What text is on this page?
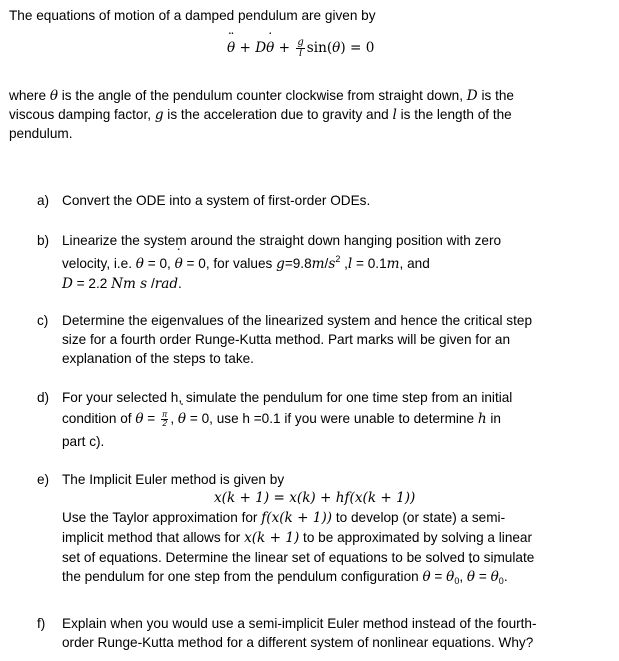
The equations of motion of a damped pendulum are given by
θ ¨ + Dθ ˙ + $\frac{g}{l} \sin(\theta) = 0$
where θ is the angle of the pendulum counter clockwise from straight down, D is the
viscous damping factor, g is the acceleration due to gravity and l is the length of the
pendulum.
a) Convert the ODE into a system of first-order ODEs.
b) Linearize the system around the straight down hanging position with zero
velocity, i.e. θ = 0, θ ˙ = 0, for values $g=9.8m/s^2$ ,l = 0.1m, and
D = 2.2 Nm s /rad.
c) Determine the eigenvalues of the linearized system and hence the critical step
size for a fourth order Runge-Kutta method. Part marks will be given for an
explanation of the steps to take.
d) For your selected h, simulate the pendulum for one time step from an initial
condition of $\theta = \frac{\pi}{2}$ , θ ˙ = 0, use h =0.1 if you were unable to determine h in
part c).
e) The Implicit Euler method is given by
x(k + 1) = x(k) + hf(x(k + 1))
Use the Taylor approximation for f(x(k + 1)) to develop (or state) a semi-
implicit method that allows for x(k + 1) to be approximated by solving a linear
set of equations. Determine the linear set of equations to be solved to simulate
the pendulum for one step from the pendulum configuration $\theta = \theta_0$, θ ˙ = θ $˙_0$.
f) Explain when you would use a semi-implicit Euler method instead of the fourth-
order Runge-Kutta method for a different system of nonlinear equations. Why?
